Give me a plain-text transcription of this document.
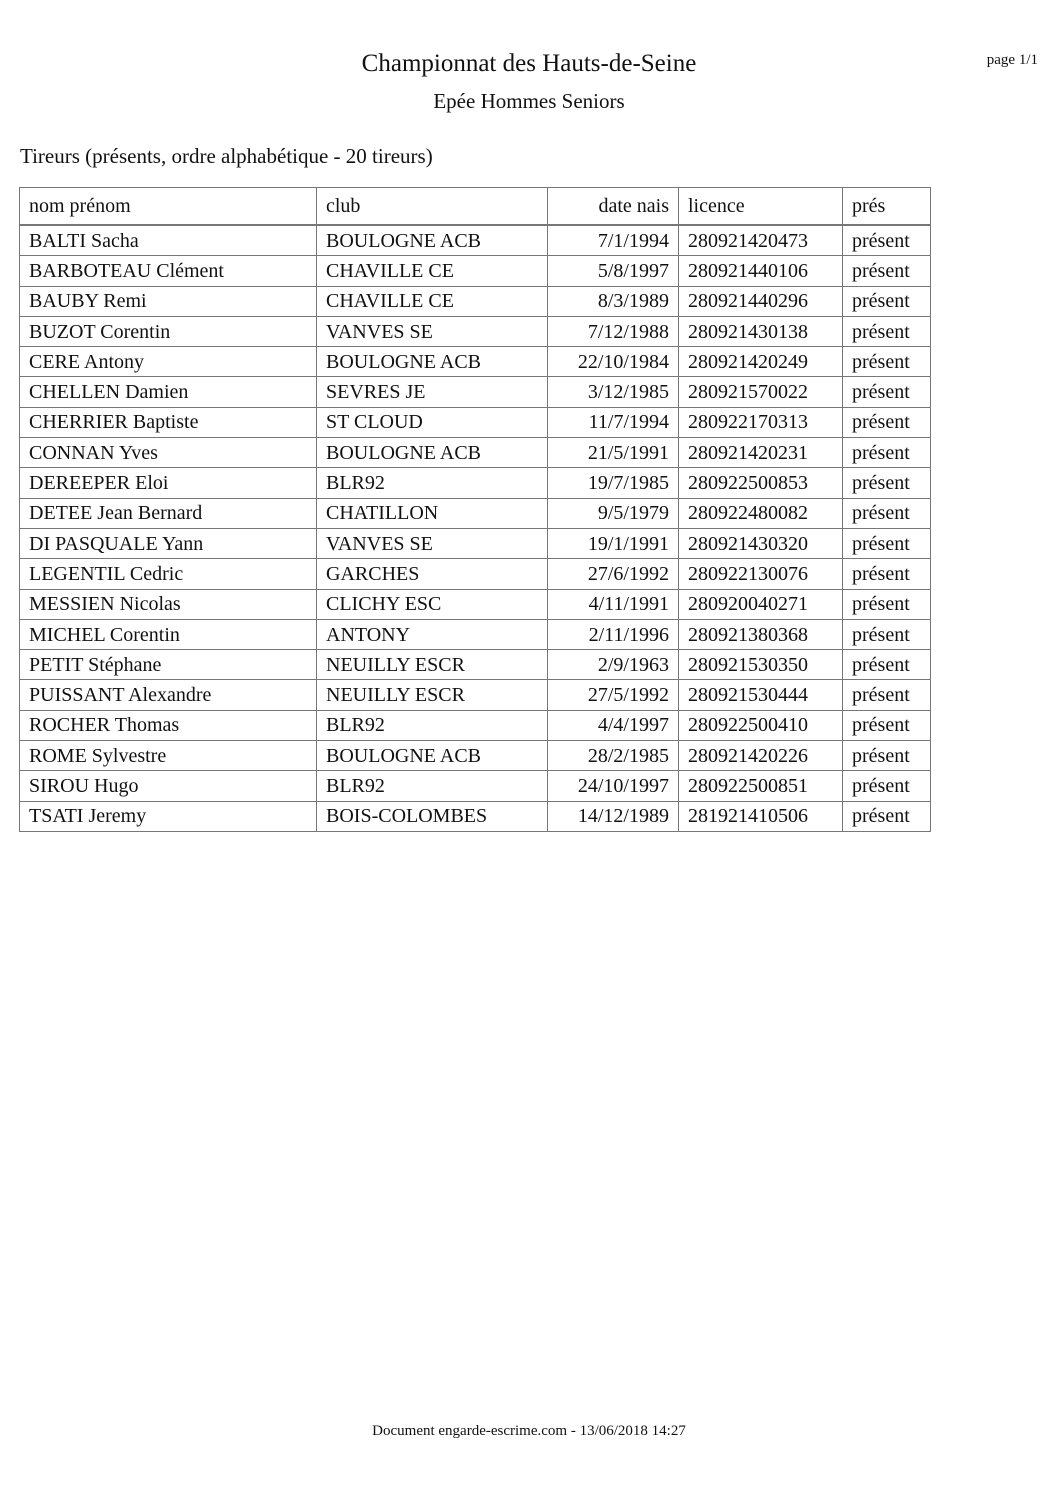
Championnat des Hauts-de-Seine
Epée Hommes Seniors
page 1/1
Tireurs (présents, ordre alphabétique - 20 tireurs)
nom prénom	club	date nais	licence	prés
BALTI Sacha	BOULOGNE ACB	7/1/1994	280921420473	présent
BARBOTEAU Clément	CHAVILLE CE	5/8/1997	280921440106	présent
BAUBY Remi	CHAVILLE CE	8/3/1989	280921440296	présent
BUZOT Corentin	VANVES SE	7/12/1988	280921430138	présent
CERE Antony	BOULOGNE ACB	22/10/1984	280921420249	présent
CHELLEN Damien	SEVRES JE	3/12/1985	280921570022	présent
CHERRIER Baptiste	ST CLOUD	11/7/1994	280922170313	présent
CONNAN Yves	BOULOGNE ACB	21/5/1991	280921420231	présent
DEREEPER Eloi	BLR92	19/7/1985	280922500853	présent
DETEE Jean Bernard	CHATILLON	9/5/1979	280922480082	présent
DI PASQUALE Yann	VANVES SE	19/1/1991	280921430320	présent
LEGENTIL Cedric	GARCHES	27/6/1992	280922130076	présent
MESSIEN Nicolas	CLICHY ESC	4/11/1991	280920040271	présent
MICHEL Corentin	ANTONY	2/11/1996	280921380368	présent
PETIT Stéphane	NEUILLY ESCR	2/9/1963	280921530350	présent
PUISSANT Alexandre	NEUILLY ESCR	27/5/1992	280921530444	présent
ROCHER Thomas	BLR92	4/4/1997	280922500410	présent
ROME Sylvestre	BOULOGNE ACB	28/2/1985	280921420226	présent
SIROU Hugo	BLR92	24/10/1997	280922500851	présent
TSATI Jeremy	BOIS-COLOMBES	14/12/1989	281921410506	présent
Document engarde-escrime.com - 13/06/2018 14:27
